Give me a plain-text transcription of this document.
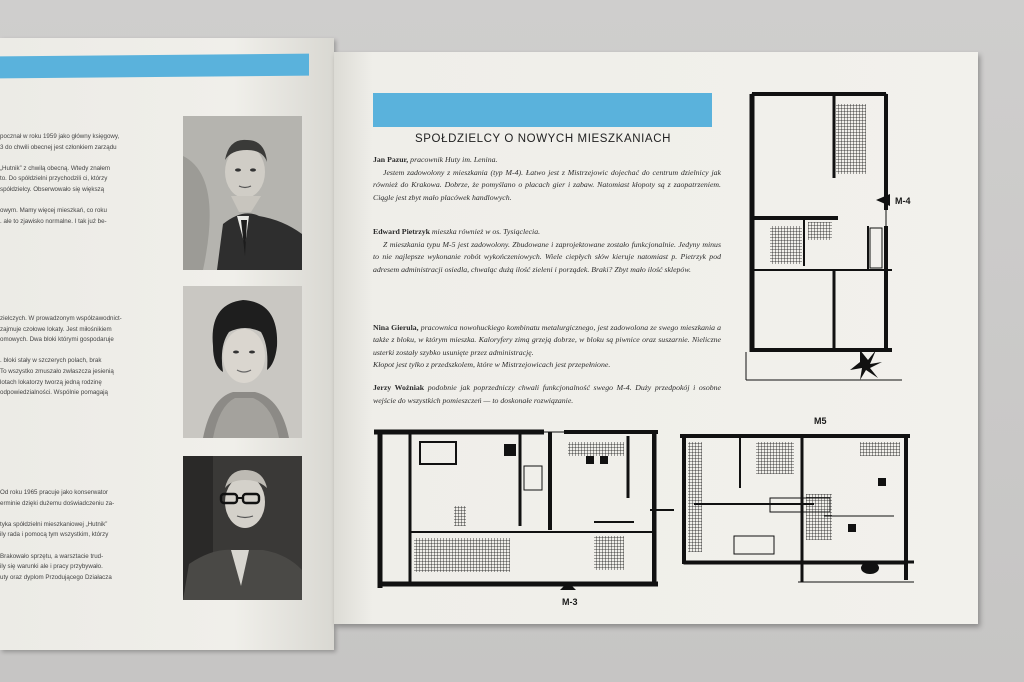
pocznał w roku 1959 jako główny księgowy,
3 do chwili obecnej jest członkiem zarządu

„Hutnik” z chwilą obecną. Wtedy znałem
to. Do spółdzielni przychodzili ci, którzy
spółdzielcy. Obserwowało się większą

owym. Mamy więcej mieszkań, co roku
. ale to zjawisko normalne. I tak już be-
zielczych. W prowadzonym współzawodnict-
zajmuje czołowe lokaty. Jest miłośnikiem
omowych. Dwa bloki którymi gospodaruje

. bloki stały w szczerych polach, brak
To wszystko zmuszało zwłaszcza jesienią
lotach lokatorzy tworzą jedną rodzinę
odpowiedzialności. Wspólnie pomagają
Od roku 1965 pracuje jako konserwator
erminie dzięki dużemu doświadczeniu za-

tyka spółdzielni mieszkaniowej „Hutnik”
ily rada i pomocą tym wszystkim, którzy

Brakowało sprzętu, a warsztacie trud-
ily się warunki ale i pracy przybywało.
uty oraz dyplom Przodującego Działacza
SPOŁDZIELCY O NOWYCH MIESZKANIACH

Jan Pazur, pracownik Huty im. Lenina.

Jestem zadowolony z mieszkania (typ M-4). Łatwo jest z Mistrzejowic dojechać do centrum dzielnicy jak również do Krakowa. Dobrze, że pomyślano o placach gier i zabaw. Natomiast kłopoty są z zaopatrzeniem. Ciągle jest zbyt mało placówek handlowych.

Edward Pietrzyk mieszka również w os. Tysiąclecia.

Z mieszkania typu M-5 jest zadowolony. Zbudowane i zaprojektowane zostało funkcjonalnie. Jedyny minus to nie najlepsze wykonanie robót wykończeniowych. Wiele ciepłych słów kieruje natomiast p. Pietrzyk pod adresem administracji osiedla, chwaląc dużą ilość zieleni i porządek. Braki? Zbyt mało ilość sklepów.

Nina Gierula, pracownica nowohuckiego kombinatu metalurgicznego, jest zadowolona ze swego mieszkania a także z bloku, w którym mieszka. Kaloryfery zimą grzeją dobrze, w bloku są piwnice oraz suszarnie. Nieliczne usterki zostały szybko usunięte przez administrację.
Kłopot jest tylko z przedszkolem, które w Mistrzejowicach jest przepełnione.

Jerzy Woźniak podobnie jak poprzedniczy chwali funkcjonalność swego M-4. Duży przedpokój i osobne wejście do wszystkich pomieszczeń — to doskonałe rozwiązanie.

M-4
M-3
M5
